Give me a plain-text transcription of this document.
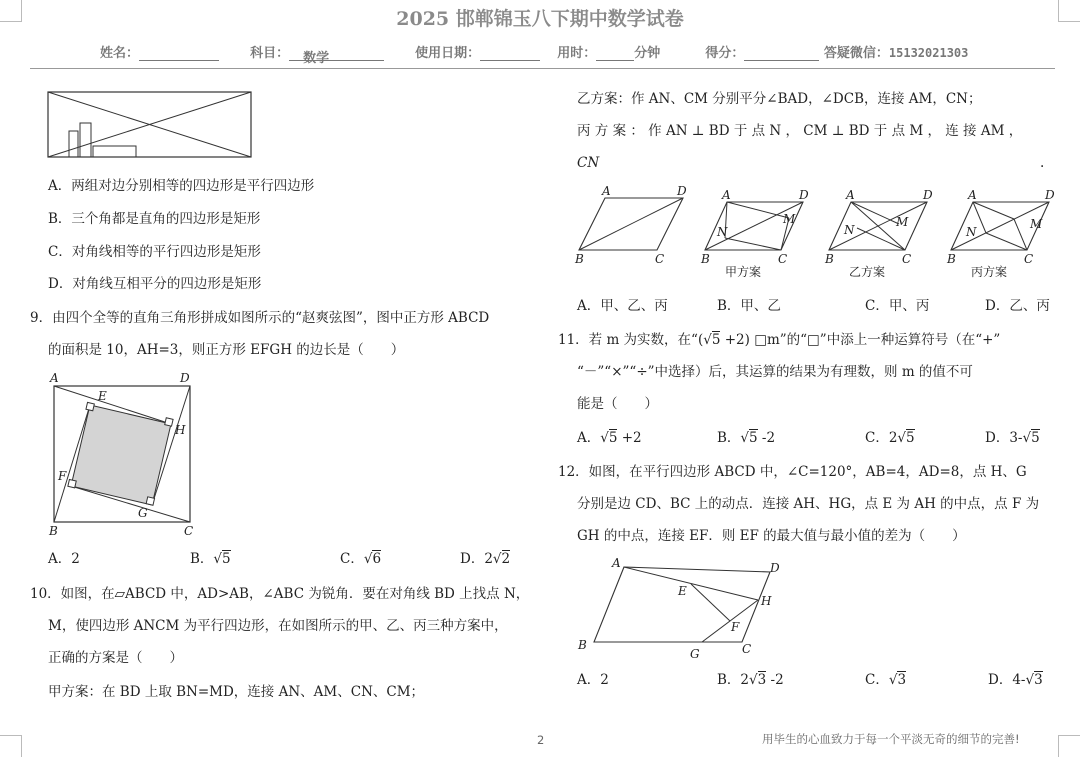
2025 邯郸锦玉八下期中数学试卷
姓名：	科目： 数学	使用日期：	用时：	分钟	得分：	答疑微信：15132021303
A．两组对边分别相等的四边形是平行四边形
B．三个角都是直角的四边形是矩形
C．对角线相等的平行四边形是矩形
D．对角线互相平分的四边形是矩形
9．由四个全等的直角三角形拼成如图所示的“赵爽弦图”，图中正方形 ABCD
的面积是 10，AH=3，则正方形 EFGH 的边长是（　　）
A	D
B	C
E
H
F
G
A．2	B．√5	C．√6	D．2√2
10．如图，在▱ABCD 中，AD>AB，∠ABC 为锐角．要在对角线 BD 上找点 N，
M，使四边形 ANCM 为平行四边形，在如图所示的甲、乙、丙三种方案中，
正确的方案是（　　）
甲方案：在 BD 上取 BN=MD，连接 AN、AM、CN、CM；
乙方案：作 AN、CM 分别平分∠BAD，∠DCB，连接 AM，CN；
丙 方 案 ： 作 AN ⊥ BD 于 点 N ， CM ⊥ BD 于 点 M ， 连 接 AM ，
CN	.
A	D
B	C
A	D
B	C
M
N
甲方案
A	D
B	C
M
N
乙方案
A	D
B	C
M
N
丙方案
A．甲、乙、丙	B．甲、乙	C．甲、丙	D．乙、丙
11．若 m 为实数，在“(√5 +2) □m”的“□”中添上一种运算符号（在“+”
“－”“×”“÷”中选择）后，其运算的结果为有理数，则 m 的值不可
能是（　　）
A．√5 +2	B．√5 -2	C．2√5	D．3-√5
12．如图，在平行四边形 ABCD 中，∠C=120°，AB=4，AD=8，点 H、G
分别是边 CD、BC 上的动点．连接 AH、HG，点 E 为 AH 的中点，点 F 为
GH 的中点，连接 EF．则 EF 的最大值与最小值的差为（　　）
A	D
E
H
F
B
G	C
A．2	B．2√3 -2	C．√3	D．4-√3
2	用毕生的心血致力于每一个平淡无奇的细节的完善!
